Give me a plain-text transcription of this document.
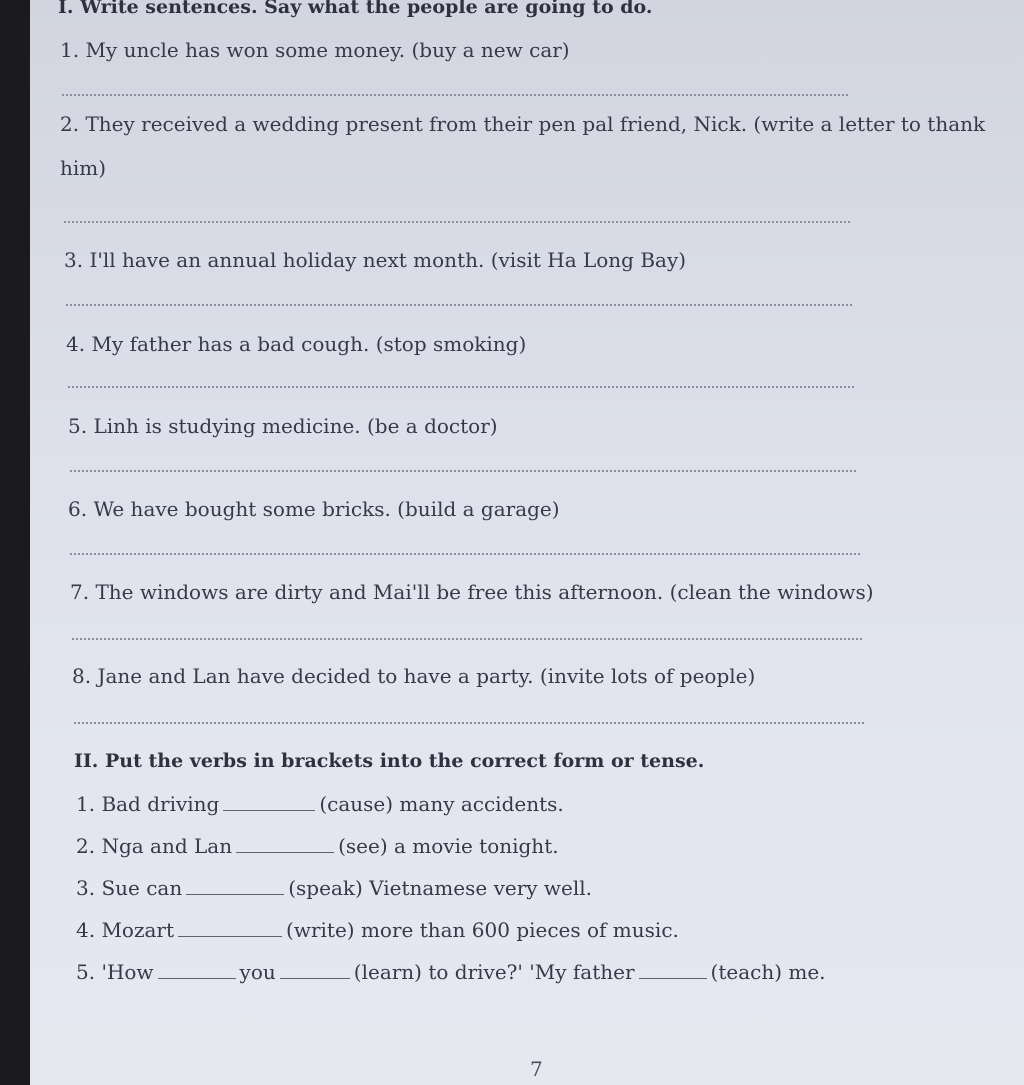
I. Write sentences. Say what the people are going to do.
1. My uncle has won some money. (buy a new car)
2. They received a wedding present from their pen pal friend, Nick. (write a letter to thank him)
3. I'll have an annual holiday next month. (visit Ha Long Bay)
4. My father has a bad cough. (stop smoking)
5. Linh is studying medicine. (be a doctor)
6. We have bought some bricks. (build a garage)
7. The windows are dirty and Mai'll be free this afternoon. (clean the windows)
8. Jane and Lan have decided to have a party. (invite lots of people)
II. Put the verbs in brackets into the correct form or tense.
1. Bad driving	(cause) many accidents.
2. Nga and Lan	(see) a movie tonight.
3. Sue can	(speak) Vietnamese very well.
4. Mozart	(write) more than 600 pieces of music.
5. 'How	you	(learn) to drive?' 'My father	(teach) me.
7
